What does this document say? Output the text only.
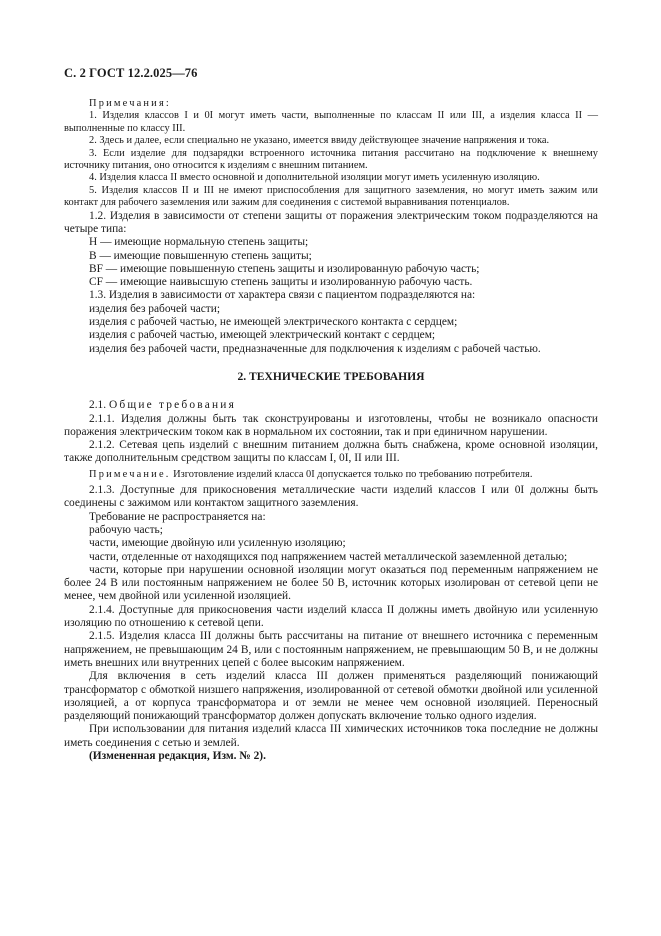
С. 2 ГОСТ 12.2.025—76

Примечания:

1. Изделия классов I и 0I могут иметь части, выполненные по классам II или III, а изделия класса II — выполненные по классу III.

2. Здесь и далее, если специально не указано, имеется ввиду действующее значение напряжения и тока.

3. Если изделие для подзарядки встроенного источника питания рассчитано на подключение к внешнему источнику питания, оно относится к изделиям с внешним питанием.

4. Изделия класса II вместо основной и дополнительной изоляции могут иметь усиленную изоляцию.

5. Изделия классов II и III не имеют приспособления для защитного заземления, но могут иметь зажим или контакт для рабочего заземления или зажим для соединения с системой выравнивания потенциалов.

1.2. Изделия в зависимости от степени защиты от поражения электрическим током подразделяются на четыре типа:

Н — имеющие нормальную степень защиты;

В — имеющие повышенную степень защиты;

ВF — имеющие повышенную степень защиты и изолированную рабочую часть;

CF — имеющие наивысшую степень защиты и изолированную рабочую часть.

1.3. Изделия в зависимости от характера связи с пациентом подразделяются на:

изделия без рабочей части;

изделия с рабочей частью, не имеющей электрического контакта с сердцем;

изделия с рабочей частью, имеющей электрический контакт с сердцем;

изделия без рабочей части, предназначенные для подключения к изделиям с рабочей частью.

2. ТЕХНИЧЕСКИЕ ТРЕБОВАНИЯ

2.1. Общие требования

2.1.1. Изделия должны быть так сконструированы и изготовлены, чтобы не возникало опасности поражения электрическим током как в нормальном их состоянии, так и при единичном нарушении.

2.1.2. Сетевая цепь изделий с внешним питанием должна быть снабжена, кроме основной изоляции, также дополнительным средством защиты по классам I, 0I, II или III.

Примечание. Изготовление изделий класса 0I допускается только по требованию потребителя.

2.1.3. Доступные для прикосновения металлические части изделий классов I или 0I должны быть соединены с зажимом или контактом защитного заземления.

Требование не распространяется на:

рабочую часть;

части, имеющие двойную или усиленную изоляцию;

части, отделенные от находящихся под напряжением частей металлической заземленной деталью;

части, которые при нарушении основной изоляции могут оказаться под переменным напряжением не более 24 В или постоянным напряжением не более 50 В, источник которых изолирован от сетевой цепи не менее, чем двойной или усиленной изоляцией.

2.1.4. Доступные для прикосновения части изделий класса II должны иметь двойную или усиленную изоляцию по отношению к сетевой цепи.

2.1.5. Изделия класса III должны быть рассчитаны на питание от внешнего источника с переменным напряжением, не превышающим 24 В, или с постоянным напряжением, не превышающим 50 В, и не должны иметь внешних или внутренних цепей с более высоким напряжением.

Для включения в сеть изделий класса III должен применяться разделяющий понижающий трансформатор с обмоткой низшего напряжения, изолированной от сетевой обмотки двойной или усиленной изоляцией, а от корпуса трансформатора и от земли не менее чем основной изоляцией. Переносный разделяющий понижающий трансформатор должен допускать включение только одного изделия.

При использовании для питания изделий класса III химических источников тока последние не должны иметь соединения с сетью и землей.

(Измененная редакция, Изм. № 2).
